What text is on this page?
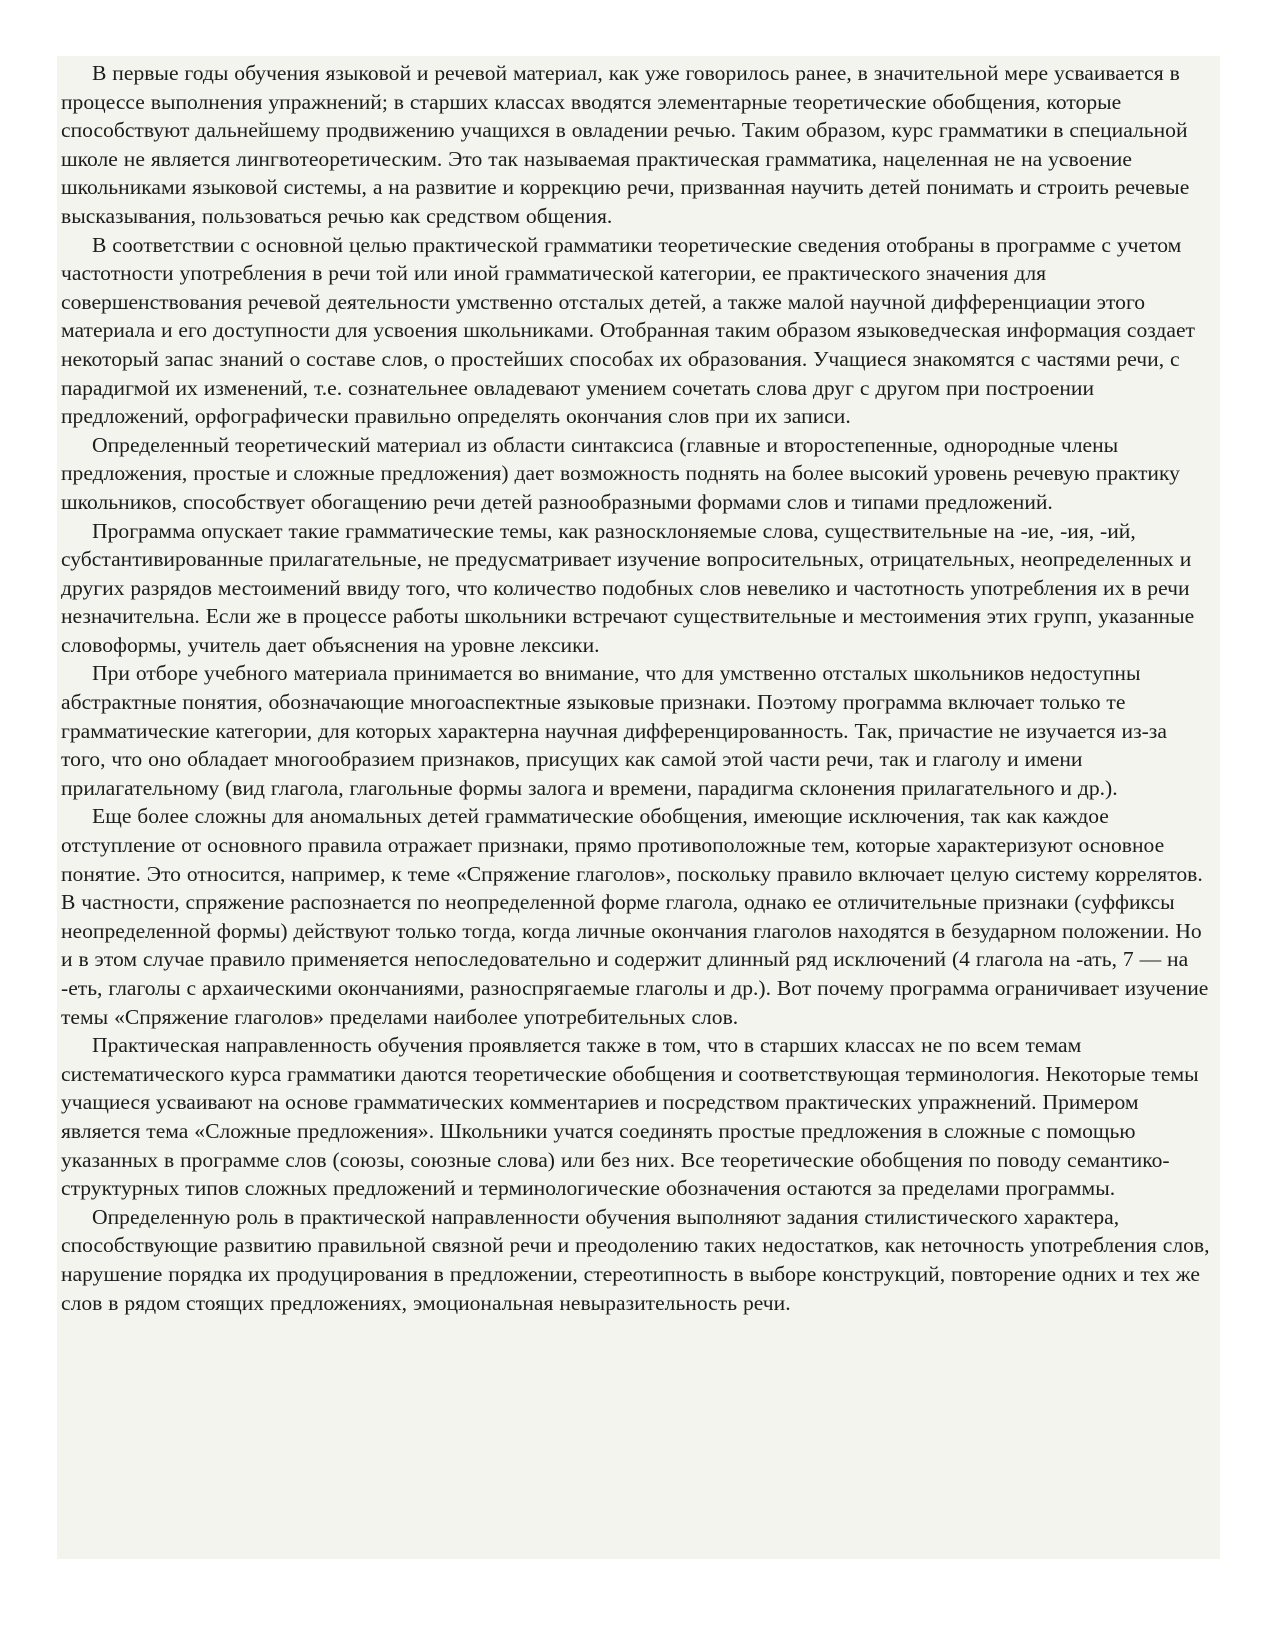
В первые годы обучения языковой и речевой материал, как уже говорилось ранее, в значительной мере усваивается в процессе выполнения упражнений; в старших классах вводятся элементарные теоретические обобщения, которые способствуют дальнейшему продвижению учащихся в овладении речью. Таким образом, курс грамматики в специальной школе не является лингвотеоретическим. Это так называемая практическая грамматика, нацеленная не на усвоение школьниками языковой системы, а на развитие и коррекцию речи, призванная научить детей понимать и строить речевые высказывания, пользоваться речью как средством общения.

В соответствии с основной целью практической грамматики теоретические сведения отобраны в программе с учетом частотности употребления в речи той или иной грамматической категории, ее практического значения для совершенствования речевой деятельности умственно отсталых детей, а также малой научной дифференциации этого материала и его доступности для усвоения школьниками. Отобранная таким образом языковедческая информация создает некоторый запас знаний о составе слов, о простейших способах их образования. Учащиеся знакомятся с частями речи, с парадигмой их изменений, т.е. сознательнее овладевают умением сочетать слова друг с другом при построении предложений, орфографически правильно определять окончания слов при их записи.

Определенный теоретический материал из области синтаксиса (главные и второстепенные, однородные члены предложения, простые и сложные предложения) дает возможность поднять на более высокий уровень речевую практику школьников, способствует обогащению речи детей разнообразными формами слов и типами предложений.

Программа опускает такие грамматические темы, как разносклоняемые слова, существительные на -ие, -ия, -ий, субстантивированные прилагательные, не предусматривает изучение вопросительных, отрицательных, неопределенных и других разрядов местоимений ввиду того, что количество подобных слов невелико и частотность употребления их в речи незначительна. Если же в процессе работы школьники встречают существительные и местоимения этих групп, указанные словоформы, учитель дает объяснения на уровне лексики.

При отборе учебного материала принимается во внимание, что для умственно отсталых школьников недоступны абстрактные понятия, обозначающие многоаспектные языковые признаки. Поэтому программа включает только те грамматические категории, для которых характерна научная дифференцированность. Так, причастие не изучается из-за того, что оно обладает многообразием признаков, присущих как самой этой части речи, так и глаголу и имени прилагательному (вид глагола, глагольные формы залога и времени, парадигма склонения прилагательного и др.).

Еще более сложны для аномальных детей грамматические обобщения, имеющие исключения, так как каждое отступление от основного правила отражает признаки, прямо противоположные тем, которые характеризуют основное понятие. Это относится, например, к теме «Спряжение глаголов», поскольку правило включает целую систему коррелятов. В частности, спряжение распознается по неопределенной форме глагола, однако ее отличительные признаки (суффиксы неопределенной формы) действуют только тогда, когда личные окончания глаголов находятся в безударном положении. Но и в этом случае правило применяется непоследовательно и содержит длинный ряд исключений (4 глагола на -ать, 7 — на -еть, глаголы с архаическими окончаниями, разноспрягаемые глаголы и др.). Вот почему программа ограничивает изучение темы «Спряжение глаголов» пределами наиболее употребительных слов.

Практическая направленность обучения проявляется также в том, что в старших классах не по всем темам систематического курса грамматики даются теоретические обобщения и соответствующая терминология. Некоторые темы учащиеся усваивают на основе грамматических комментариев и посредством практических упражнений. Примером является тема «Сложные предложения». Школьники учатся соединять простые предложения в сложные с помощью указанных в программе слов (союзы, союзные слова) или без них. Все теоретические обобщения по поводу семантико-структурных типов сложных предложений и терминологические обозначения остаются за пределами программы.

Определенную роль в практической направленности обучения выполняют задания стилистического характера, способствующие развитию правильной связной речи и преодолению таких недостатков, как неточность употребления слов, нарушение порядка их продуцирования в предложении, стереотипность в выборе конструкций, повторение одних и тех же слов в рядом стоящих предложениях, эмоциональная невыразительность речи.
